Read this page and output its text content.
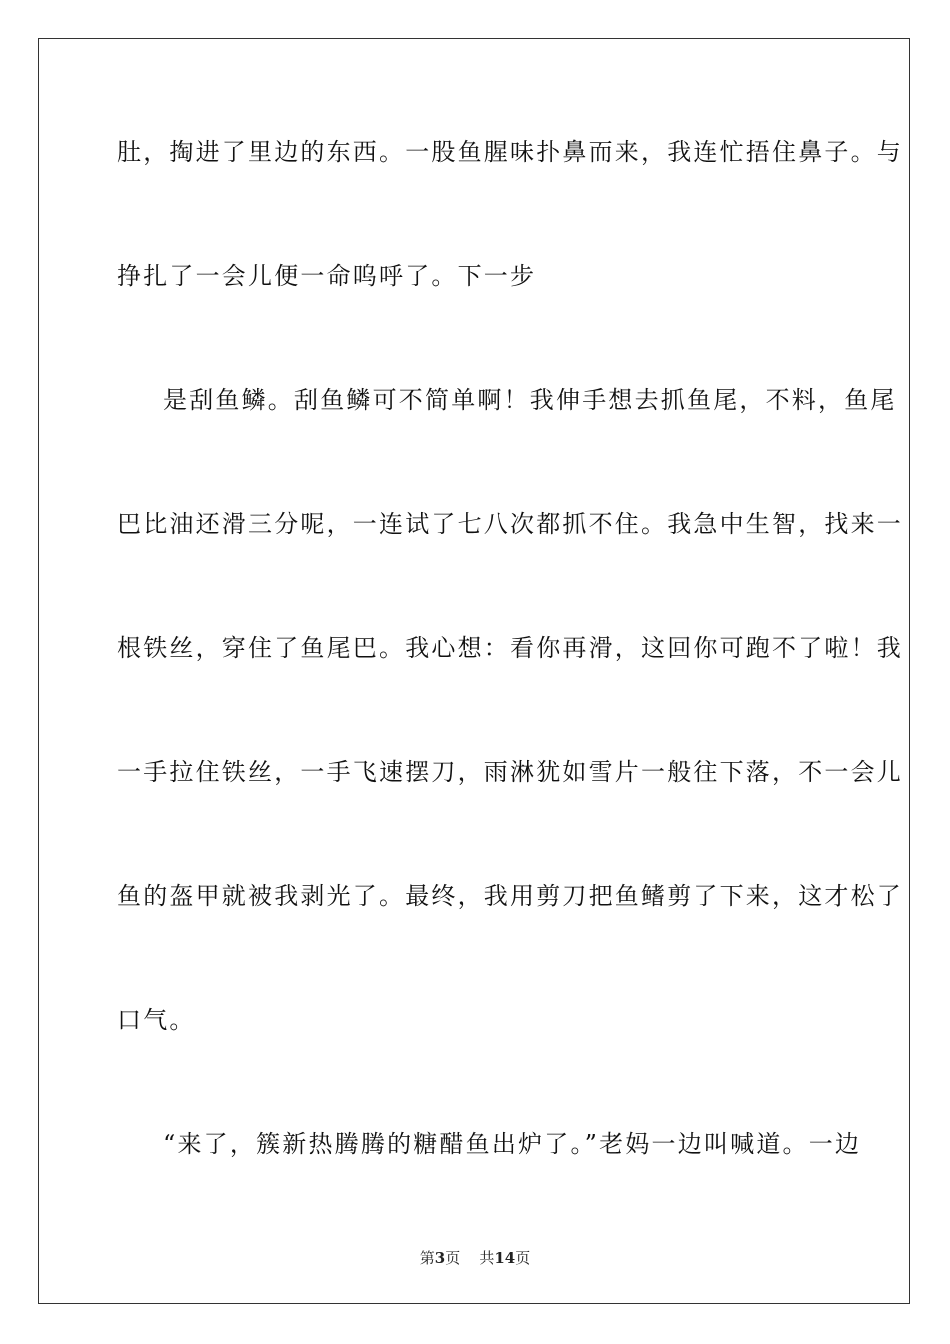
肚，掏进了里边的东西。一股鱼腥味扑鼻而来，我连忙捂住鼻子。与
挣扎了一会儿便一命呜呼了。下一步
是刮鱼鳞。刮鱼鳞可不简单啊！我伸手想去抓鱼尾，不料，鱼尾
巴比油还滑三分呢，一连试了七八次都抓不住。我急中生智，找来一
根铁丝，穿住了鱼尾巴。我心想：看你再滑，这回你可跑不了啦！我
一手拉住铁丝，一手飞速摆刀，雨淋犹如雪片一般往下落，不一会儿
鱼的盔甲就被我剥光了。最终，我用剪刀把鱼鳍剪了下来，这才松了
口气。
“来了，簇新热腾腾的糖醋鱼出炉了。”老妈一边叫喊道。一边
第3页 共14页
